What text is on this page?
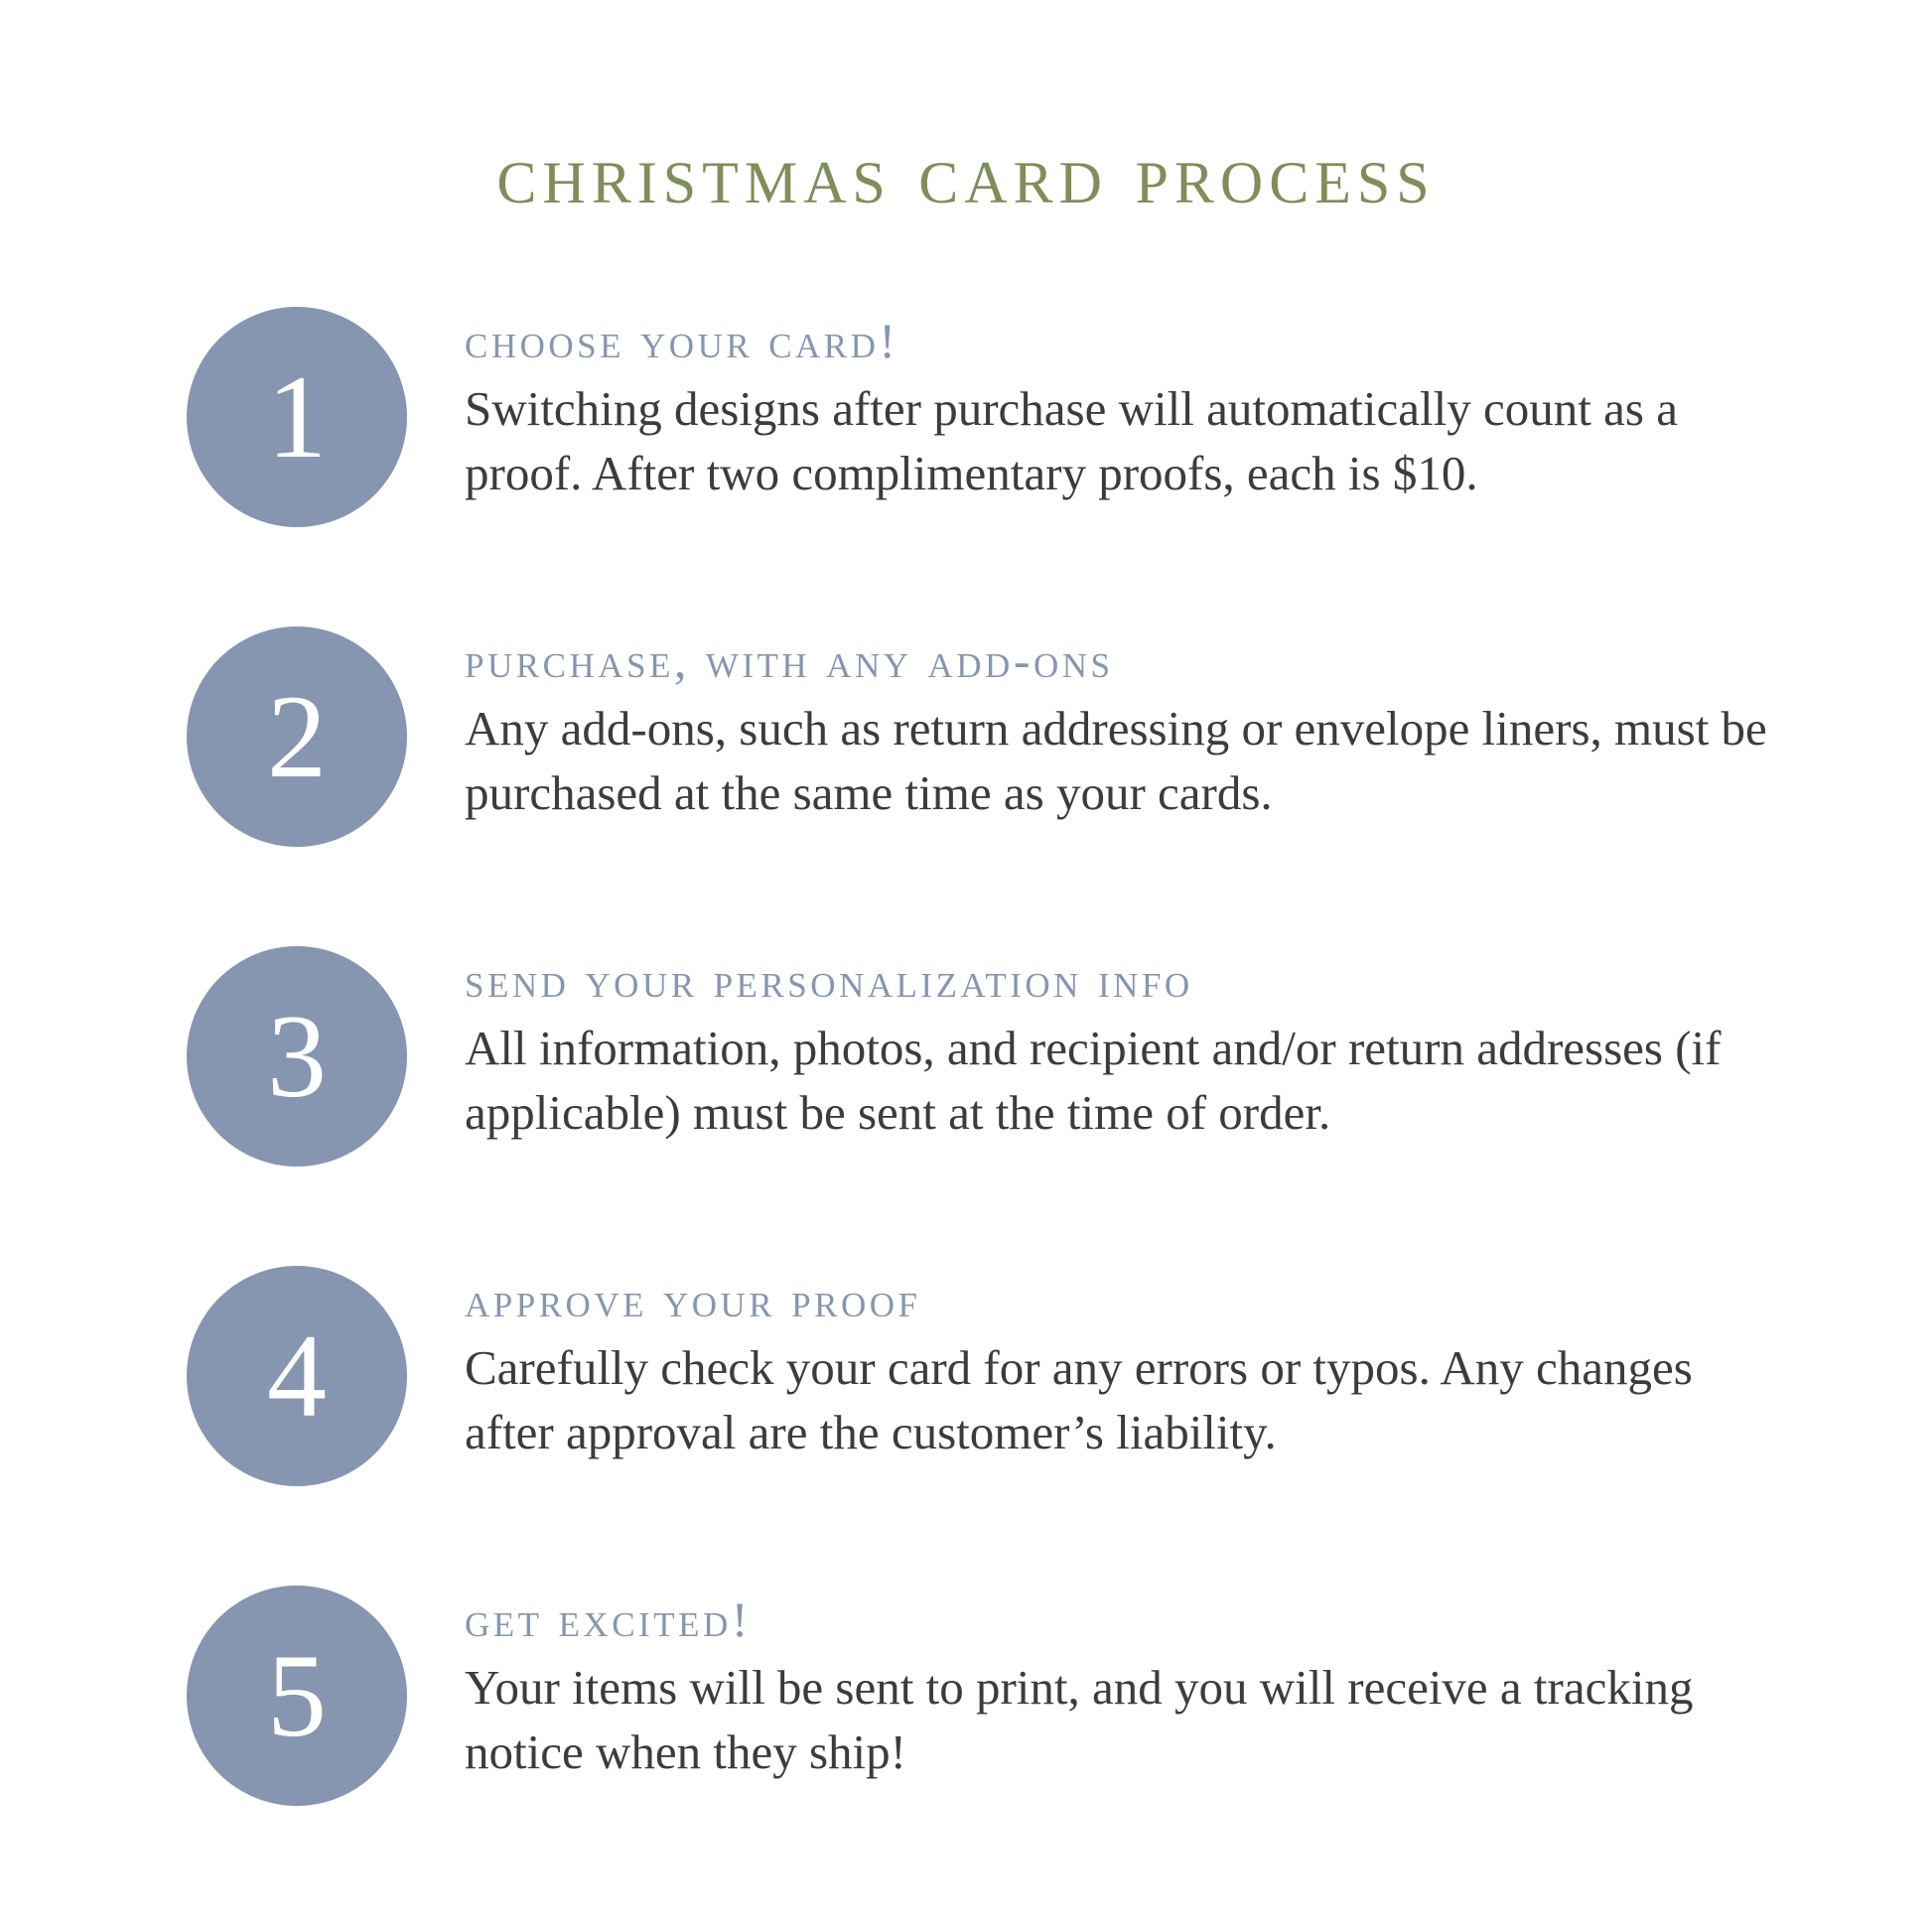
christmas card process
1
choose your card!

Switching designs after purchase will automatically count as a proof. After two complimentary proofs, each is $10.

2
purchase, with any add-ons

Any add-ons, such as return addressing or envelope liners, must be purchased at the same time as your cards.

3
send your personalization info

All information, photos, and recipient and/or return addresses (if applicable) must be sent at the time of order.

4
approve your proof

Carefully check your card for any errors or typos. Any changes after approval are the customer’s liability.

5
get excited!

Your items will be sent to print, and you will receive a tracking notice when they ship!
